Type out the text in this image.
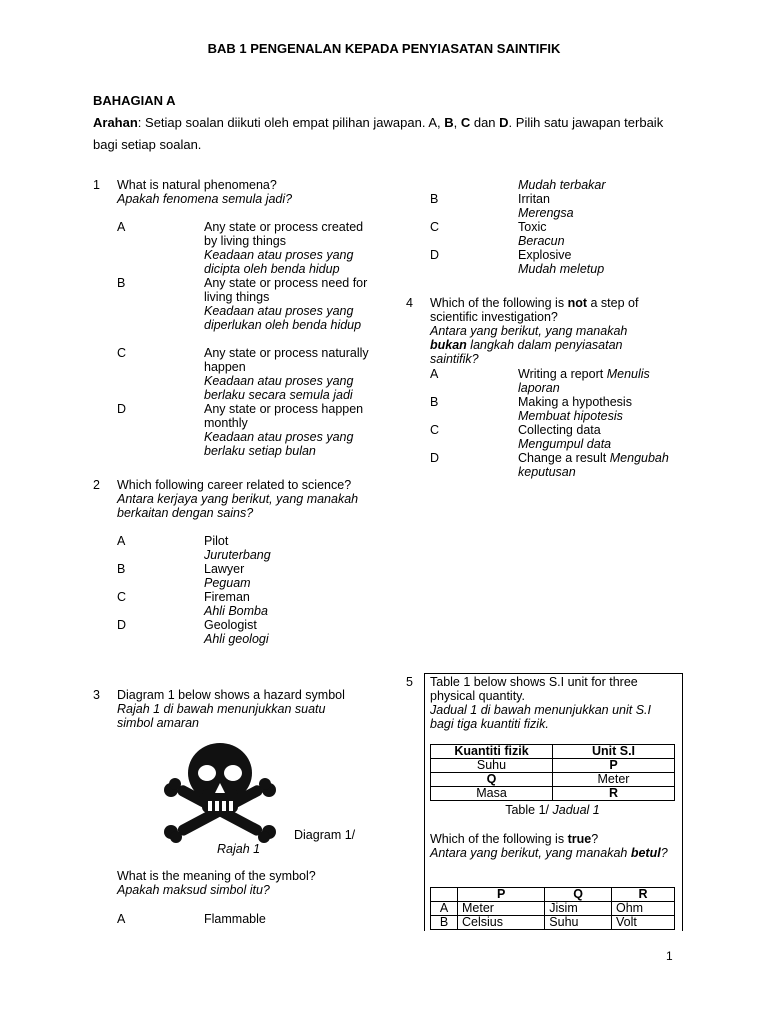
BAB 1 PENGENALAN KEPADA PENYIASATAN SAINTIFIK
BAHAGIAN A
Arahan: Setiap soalan diikuti oleh empat pilihan jawapan. A, B, C dan D. Pilih satu jawapan terbaik bagi setiap soalan.
1	What is natural phenomena?
Apakah fenomena semula jadi?
A	Any state or process created by living things
Keadaan atau proses yang dicipta oleh benda hidup
B	Any state or process need for living things
Keadaan atau proses yang diperlukan oleh benda hidup
C	Any state or process naturally happen
Keadaan atau proses yang berlaku secara semula jadi
D	Any state or process happen monthly
Keadaan atau proses yang berlaku setiap bulan
2	Which following career related to science?
Antara kerjaya yang berikut, yang manakah berkaitan dengan sains?
A	Pilot
Juruterbang
B	Lawyer
Peguam
C	Fireman
Ahli Bomba
D	Geologist
Ahli geologi
3	Diagram 1 below shows a hazard symbol
Rajah 1 di bawah menunjukkan suatu simbol amaran
Diagram 1/
Rajah 1
What is the meaning of the symbol?
Apakah maksud simbol itu?
A	Flammable
Mudah terbakar
B	Irritan
Merengsa
C	Toxic
Beracun
D	Explosive
Mudah meletup
4	Which of the following is not a step of scientific investigation?
Antara yang berikut, yang manakah bukan langkah dalam penyiasatan saintifik?
A	Writing a report Menulis laporan
B	Making a hypothesis
Membuat hipotesis
C	Collecting data
Mengumpul data
D	Change a result Mengubah keputusan
5	Table 1 below shows S.I unit for three physical quantity.
Jadual 1 di bawah menunjukkan unit S.I bagi tiga kuantiti fizik.
Kuantiti fizik	Unit S.I
Suhu	P
Q	Meter
Masa	R
Table 1/ Jadual 1
Which of the following is true?
Antara yang berikut, yang manakah betul?
	P	Q	R
A	Meter	Jisim	Ohm
B	Celsius	Suhu	Volt
1
